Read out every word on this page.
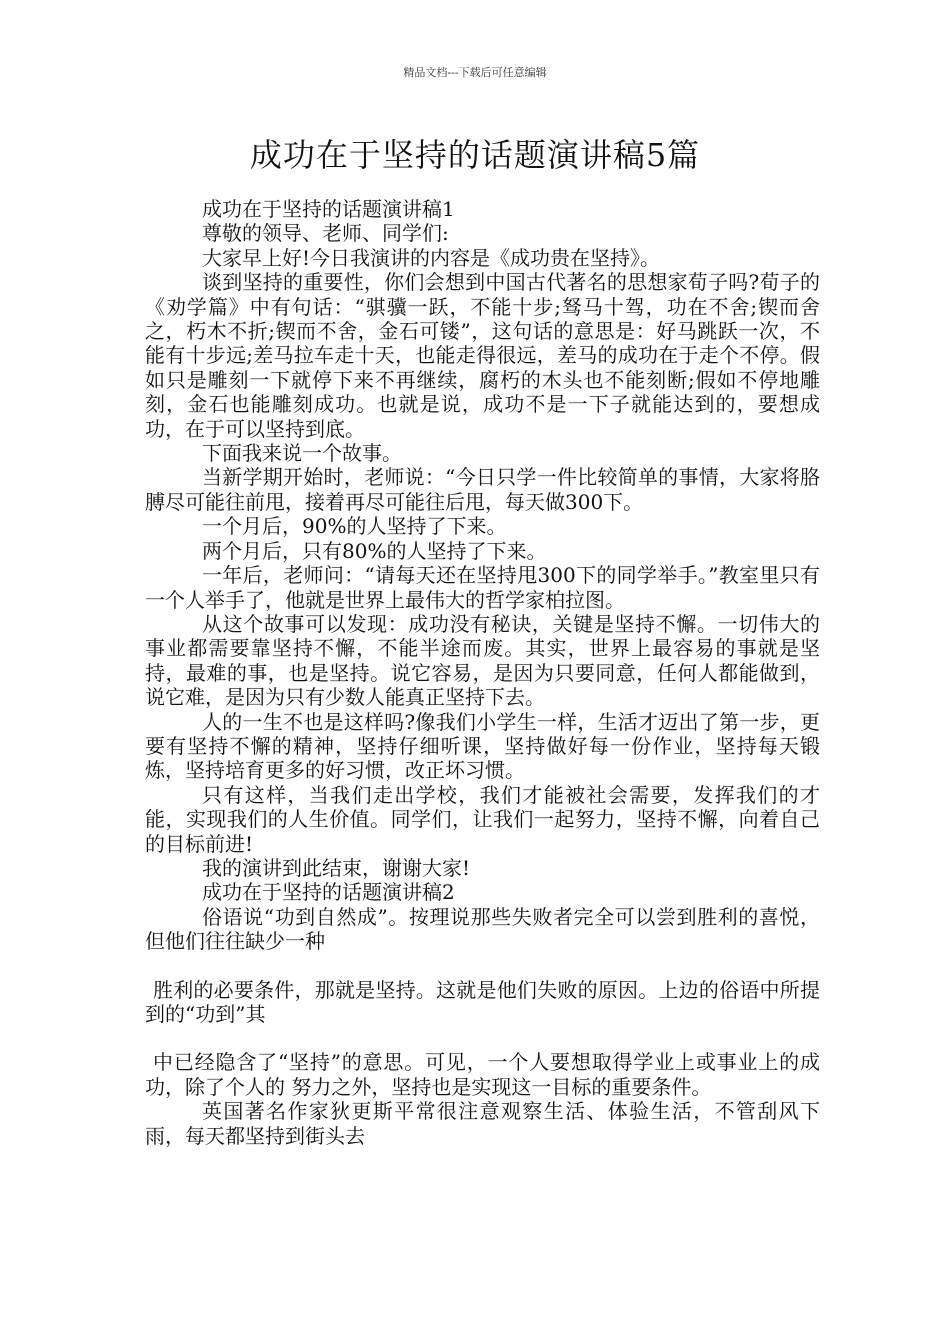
精品文档---下载后可任意编辑
成功在于坚持的话题演讲稿5篇

成功在于坚持的话题演讲稿1

尊敬的领导、老师、同学们:

大家早上好!今日我演讲的内容是《成功贵在坚持》。

谈到坚持的重要性，你们会想到中国古代著名的思想家荀子吗?荀子的《劝学篇》中有句话：“骐骥一跃，不能十步;驽马十驾，功在不舍;锲而舍之，朽木不折;锲而不舍，金石可镂”，这句话的意思是：好马跳跃一次，不能有十步远;差马拉车走十天，也能走得很远，差马的成功在于走个不停。假如只是雕刻一下就停下来不再继续，腐朽的木头也不能刻断;假如不停地雕刻，金石也能雕刻成功。也就是说，成功不是一下子就能达到的，要想成功，在于可以坚持到底。

下面我来说一个故事。

当新学期开始时，老师说：“今日只学一件比较简单的事情，大家将胳膊尽可能往前甩，接着再尽可能往后甩，每天做300下。

一个月后，90%的人坚持了下来。

两个月后，只有80%的人坚持了下来。

一年后，老师问：“请每天还在坚持甩300下的同学举手。”教室里只有一个人举手了，他就是世界上最伟大的哲学家柏拉图。

从这个故事可以发现：成功没有秘诀，关键是坚持不懈。一切伟大的事业都需要靠坚持不懈，不能半途而废。其实，世界上最容易的事就是坚持，最难的事，也是坚持。说它容易，是因为只要同意，任何人都能做到，说它难，是因为只有少数人能真正坚持下去。

人的一生不也是这样吗?像我们小学生一样，生活才迈出了第一步，更要有坚持不懈的精神，坚持仔细听课，坚持做好每一份作业，坚持每天锻炼，坚持培育更多的好习惯，改正坏习惯。

只有这样，当我们走出学校，我们才能被社会需要，发挥我们的才能，实现我们的人生价值。同学们，让我们一起努力，坚持不懈，向着自己的目标前进!

我的演讲到此结束，谢谢大家!

成功在于坚持的话题演讲稿2

俗语说“功到自然成”。按理说那些失败者完全可以尝到胜利的喜悦，但他们往往缺少一种

胜利的必要条件，那就是坚持。这就是他们失败的原因。上边的俗语中所提到的“功到”其

中已经隐含了“坚持”的意思。可见，一个人要想取得学业上或事业上的成功，除了个人的 努力之外，坚持也是实现这一目标的重要条件。

英国著名作家狄更斯平常很注意观察生活、体验生活，不管刮风下雨，每天都坚持到街头去
